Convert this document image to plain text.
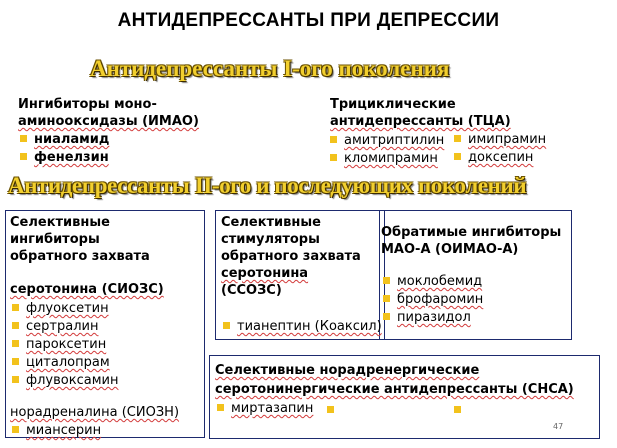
АНТИДЕПРЕССАНТЫ ПРИ ДЕПРЕССИИ
Антидепрессанты I-ого поколения
Антидепрессанты II-ого и последующих поколений
Ингибиторы моно-
аминооксидазы (ИМАО)
ниаламид
фенелзин
Трициклические
антидепрессанты (ТЦА)
амитриптилин
кломипрамин
имипрамин
доксепин
Селективные
ингибиторы
обратного захвата
серотонина (СИОЗС)
флуоксетин
сертралин
пароксетин
циталопрам
флувоксамин
норадреналина (СИОЗН)
миансерин
Селективные
стимуляторы
обратного захвата
серотонина
(ССОЗС)
тианептин (Коаксил)
Обратимые ингибиторы
МАО-А (ОИМАО-А)
моклобемид
брофаромин
пиразидол
Селективные норадренергические
серотонинергические антидепрессанты (СНСА)
миртазапин
47
